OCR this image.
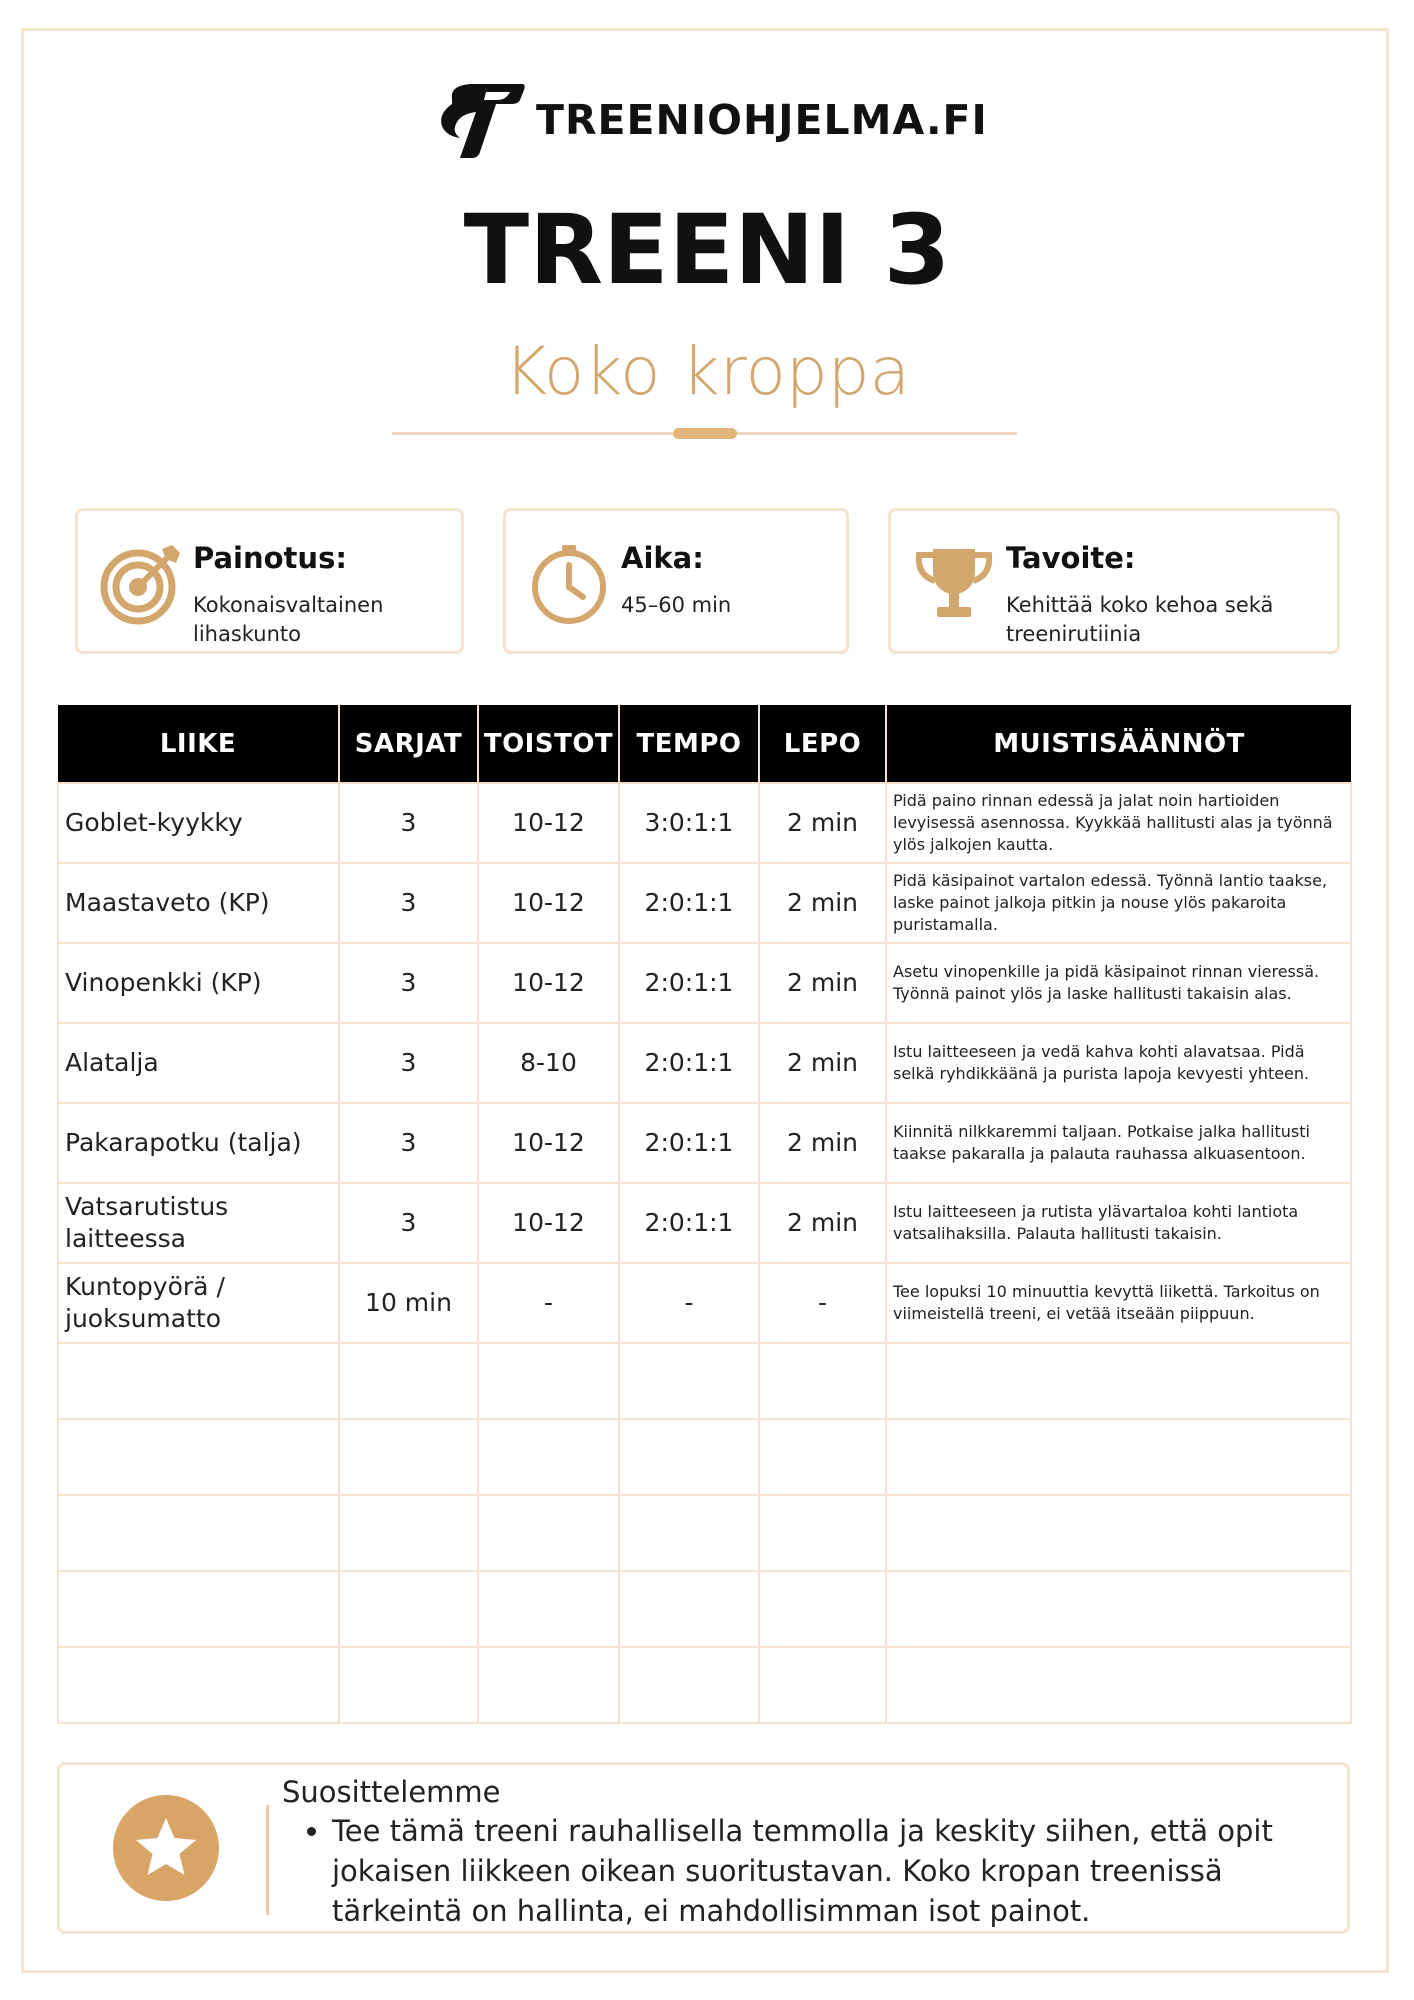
TREENIOHJELMA.FI
TREENI 3
Koko kroppa
Painotus:
Kokonaisvaltainen lihaskunto
Aika:
45–60 min
Tavoite:
Kehittää koko kehoa sekä treenirutiinia
LIIKE	SARJAT	TOISTOT	TEMPO	LEPO	MUISTISÄÄNNÖT
Goblet-kyykky	3	10-12	3:0:1:1	2 min	Pidä paino rinnan edessä ja jalat noin hartioiden levyisessä asennossa. Kyykkää hallitusti alas ja työnnä ylös jalkojen kautta.
Maastaveto (KP)	3	10-12	2:0:1:1	2 min	Pidä käsipainot vartalon edessä. Työnnä lantio taakse, laske painot jalkoja pitkin ja nouse ylös pakaroita puristamalla.
Vinopenkki (KP)	3	10-12	2:0:1:1	2 min	Asetu vinopenkille ja pidä käsipainot rinnan vieressä. Työnnä painot ylös ja laske hallitusti takaisin alas.
Alatalja	3	8-10	2:0:1:1	2 min	Istu laitteeseen ja vedä kahva kohti alavatsaa. Pidä selkä ryhdikkäänä ja purista lapoja kevyesti yhteen.
Pakarapotku (talja)	3	10-12	2:0:1:1	2 min	Kiinnitä nilkkaremmi taljaan. Potkaise jalka hallitusti taakse pakaralla ja palauta rauhassa alkuasentoon.
Vatsarutistus laitteessa	3	10-12	2:0:1:1	2 min	Istu laitteeseen ja rutista ylävartaloa kohti lantiota vatsalihaksilla. Palauta hallitusti takaisin.
Kuntopyörä / juoksumatto	10 min	-	-	-	Tee lopuksi 10 minuuttia kevyttä liikettä. Tarkoitus on viimeistellä treeni, ei vetää itseään piippuun.

Suosittelemme
• Tee tämä treeni rauhallisella temmolla ja keskity siihen, että opit jokaisen liikkeen oikean suoritustavan. Koko kropan treenissä tärkeintä on hallinta, ei mahdollisimman isot painot.
